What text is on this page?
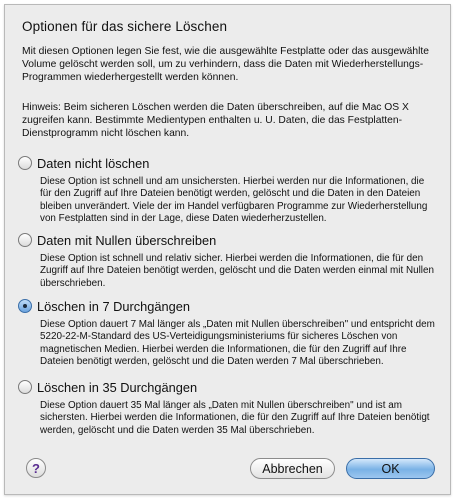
Optionen für das sichere Löschen

Mit diesen Optionen legen Sie fest, wie die ausgewählte Festplatte oder das ausgewählte Volume gelöscht werden soll, um zu verhindern, dass die Daten mit Wiederherstellungs-Programmen wiederhergestellt werden können.

Hinweis: Beim sicheren Löschen werden die Daten überschreiben, auf die Mac OS X zugreifen kann. Bestimmte Medientypen enthalten u. U. Daten, die das Festplatten-Dienstprogramm nicht löschen kann.

Daten nicht löschen

Diese Option ist schnell und am unsichersten. Hierbei werden nur die Informationen, die für den Zugriff auf Ihre Dateien benötigt werden, gelöscht und die Daten in den Dateien bleiben unverändert. Viele der im Handel verfügbaren Programme zur Wiederherstellung von Festplatten sind in der Lage, diese Daten wiederherzustellen.

Daten mit Nullen überschreiben

Diese Option ist schnell und relativ sicher. Hierbei werden die Informationen, die für den Zugriff auf Ihre Dateien benötigt werden, gelöscht und die Daten werden einmal mit Nullen überschrieben.

Löschen in 7 Durchgängen

Diese Option dauert 7 Mal länger als „Daten mit Nullen überschreiben" und entspricht dem 5220-22-M-Standard des US-Verteidigungsministeriums für sicheres Löschen von magnetischen Medien. Hierbei werden die Informationen, die für den Zugriff auf Ihre Dateien benötigt werden, gelöscht und die Daten werden 7 Mal überschrieben.

Löschen in 35 Durchgängen

Diese Option dauert 35 Mal länger als „Daten mit Nullen überschreiben" und ist am sichersten. Hierbei werden die Informationen, die für den Zugriff auf Ihre Dateien benötigt werden, gelöscht und die Daten werden 35 Mal überschrieben.

?	Abbrechen	OK
